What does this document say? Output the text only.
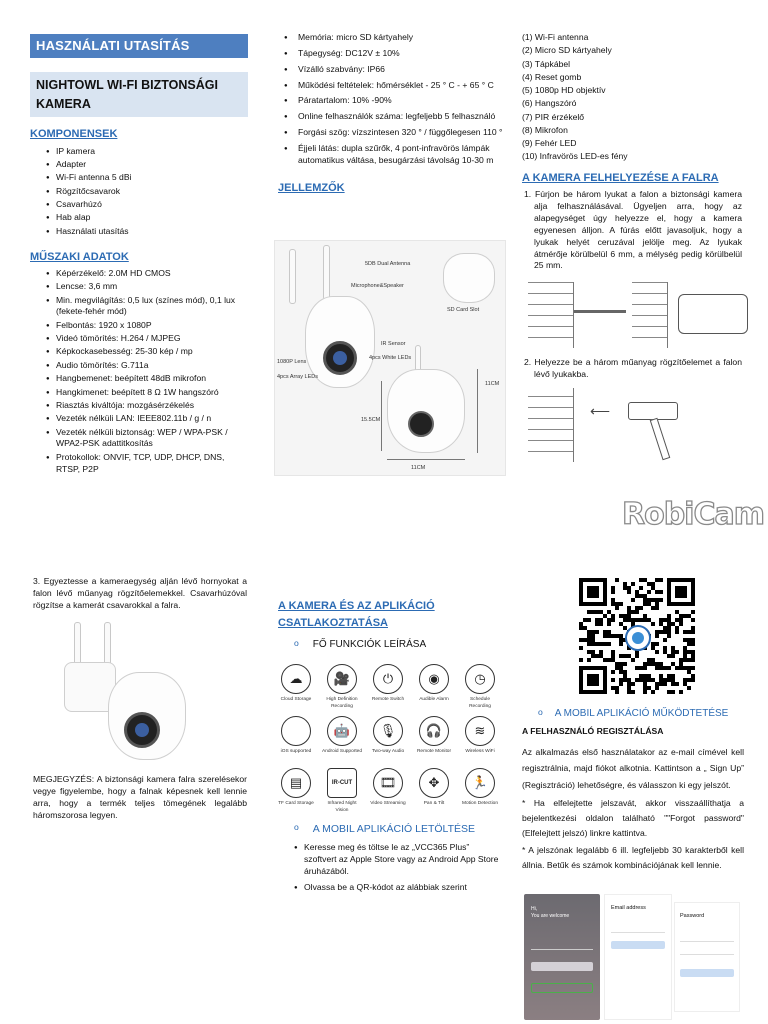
HASZNÁLATI UTASÍTÁS
NIGHTOWL WI-FI BIZTONSÁGI KAMERA
KOMPONENSEK
● IP kamera
● Adapter
● Wi-Fi antenna 5 dBi
● Rögzítőcsavarok
● Csavarhúzó
● Hab alap
● Használati utasítás
MŰSZAKI ADATOK
● Képérzékelő: 2.0M HD CMOS
● Lencse: 3,6 mm
● Min. megvilágítás: 0,5 lux (színes mód), 0,1 lux (fekete-fehér mód)
● Felbontás: 1920 x 1080P
● Videó tömörítés: H.264 / MJPEG
● Képkockasebesség: 25-30 kép / mp
● Audio tömörítés: G.711a
● Hangbemenet: beépített 48dB mikrofon
● Hangkimenet: beépített 8 Ω 1W hangszóró
● Riasztás kiváltója: mozgásérzékelés
● Vezeték nélküli LAN: IEEE802.11b / g / n
● Vezeték nélküli biztonság: WEP / WPA-PSK / WPA2-PSK adattitkosítás
● Protokollok: ONVIF, TCP, UDP, DHCP, DNS, RTSP, P2P
● Memória: micro SD kártyahely
● Tápegység: DC12V ± 10%
● Vízálló szabvány: IP66
● Működési feltételek: hőmérséklet - 25 ° C - + 65 ° C
● Páratartalom: 10% -90%
● Online felhasználók száma: legfeljebb 5 felhasználó
● Forgási szög: vízszintesen 320 ° / függőlegesen 110 °
● Éjjeli látás: dupla szűrők, 4 pont-infravörös lámpák automatikus váltása, besugárzási távolság 10-30 m
JELLEMZŐK
5DB Dual Antenna
Microphone&Speaker
SD Card Slot
IR Sensor
1080P Lens
4pcs White LEDs
4pcs Array LEDs
11CM
15.5CM
11CM
(1) Wi-Fi antenna
(2) Micro SD kártyahely
(3) Tápkábel
(4) Reset gomb
(5) 1080p HD objektív
(6) Hangszóró
(7) PIR érzékelő
(8) Mikrofon
(9) Fehér LED
(10) Infravörös LED-es fény
A KAMERA FELHELYEZÉSE A FALRA
1. Fúrjon be három lyukat a falon a biztonsági kamera alja felhasználásával. Ügyeljen arra, hogy az alapegységet úgy helyezze el, hogy a kamera egyenesen álljon. A fúrás előtt javasoljuk, hogy a lyukak helyét ceruzával jelölje meg. Az lyukak átmérője körülbelül 6 mm, a mélység pedig körülbelül 25 mm.
2. Helyezze be a három műanyag rögzítőelemet a falon lévő lyukakba.
⟵
RobiCam
3. Egyeztesse a kameraegység alján lévő hornyokat a falon lévő műanyag rögzítőelemekkel. Csavarhúzóval rögzítse a kamerát csavarokkal a falra.
MEGJEGYZÉS: A biztonsági kamera falra szerelésekor vegye figyelembe, hogy a falnak képesnek kell lennie arra, hogy a termék teljes tömegének legalább háromszorosa legyen.
A KAMERA ÉS AZ APLIKÁCIÓ CSATLAKOZTATÁSA
o FŐ FUNKCIÓK LEÍRÁSA
☁
Cloud Storage
🎥
High Definition Recording
⏻
Remote Switch
◉
Audible Alarm
◷
Schedule Recording
iOS supported
🤖
Android Supported
🎙
Two-way Audio
🎧
Remote Monitor
≋
Wireless WiFi
▤
TF Card Storage
IR-CUT
Infrared Night Vision
🎞
Video Streaming
✥
Pan & Tilt
🏃
Motion Detection
o A MOBIL APLIKÁCIÓ LETÖLTÉSE
● Keresse meg és töltse le az „VCC365 Plus” szoftvert az Apple Store vagy az Android App Store áruházából.
● Olvassa be a QR-kódot az alábbiak szerint
o A MOBIL APLIKÁCIÓ MŰKÖDTETÉSE
A FELHASZNÁLÓ REGISZTÁLÁSA
Az alkalmazás első használatakor az e-mail címével kell regisztrálnia, majd fiókot alkotnia. Kattintson a „ Sign Up” (Regisztráció) lehetőségre, és válasszon ki egy jelszót.
* Ha elfelejtette jelszavát, akkor visszaállíthatja a bejelentkezési oldalon található ""Forgot password" (Elfelejtett jelszó) linkre kattintva.
* A jelszónak legalább 6 ill. legfeljebb 30 karakterből kell állnia. Betűk és számok kombinációjának kell lennie.
Hi,
You are welcome
Email address
Password
